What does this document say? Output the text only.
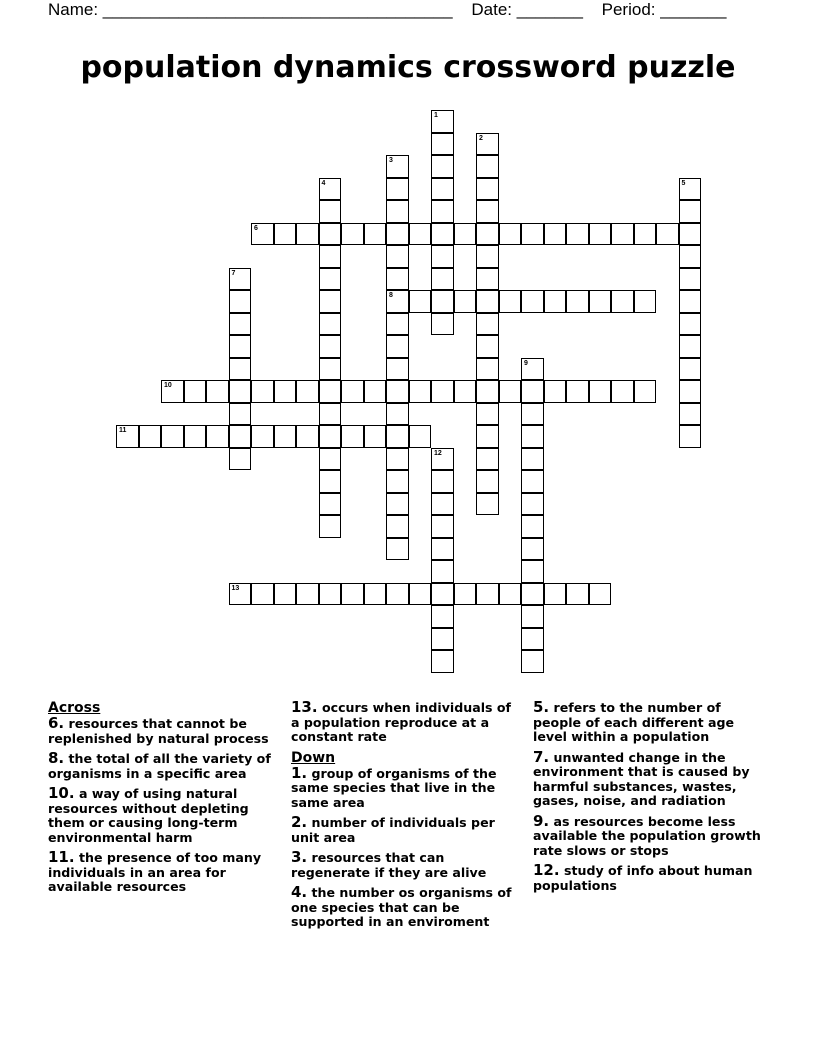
Name: _____________________________________ Date: _______ Period: _______
population dynamics crossword puzzle
1
2
3
8
4	5
6
7
9
10
11
12
13
Across
6. resources that cannot be replenished by natural process
8. the total of all the variety of organisms in a specific area
10. a way of using natural resources without depleting them or causing long-term environmental harm
11. the presence of too many individuals in an area for available resources
13. occurs when individuals of a population reproduce at a constant rate
Down
1. group of organisms of the same species that live in the same area
2. number of individuals per unit area
3. resources that can regenerate if they are alive
4. the number os organisms of one species that can be supported in an enviroment
5. refers to the number of people of each different age level within a population
7. unwanted change in the environment that is caused by harmful substances, wastes, gases, noise, and radiation
9. as resources become less available the population growth rate slows or stops
12. study of info about human populations
